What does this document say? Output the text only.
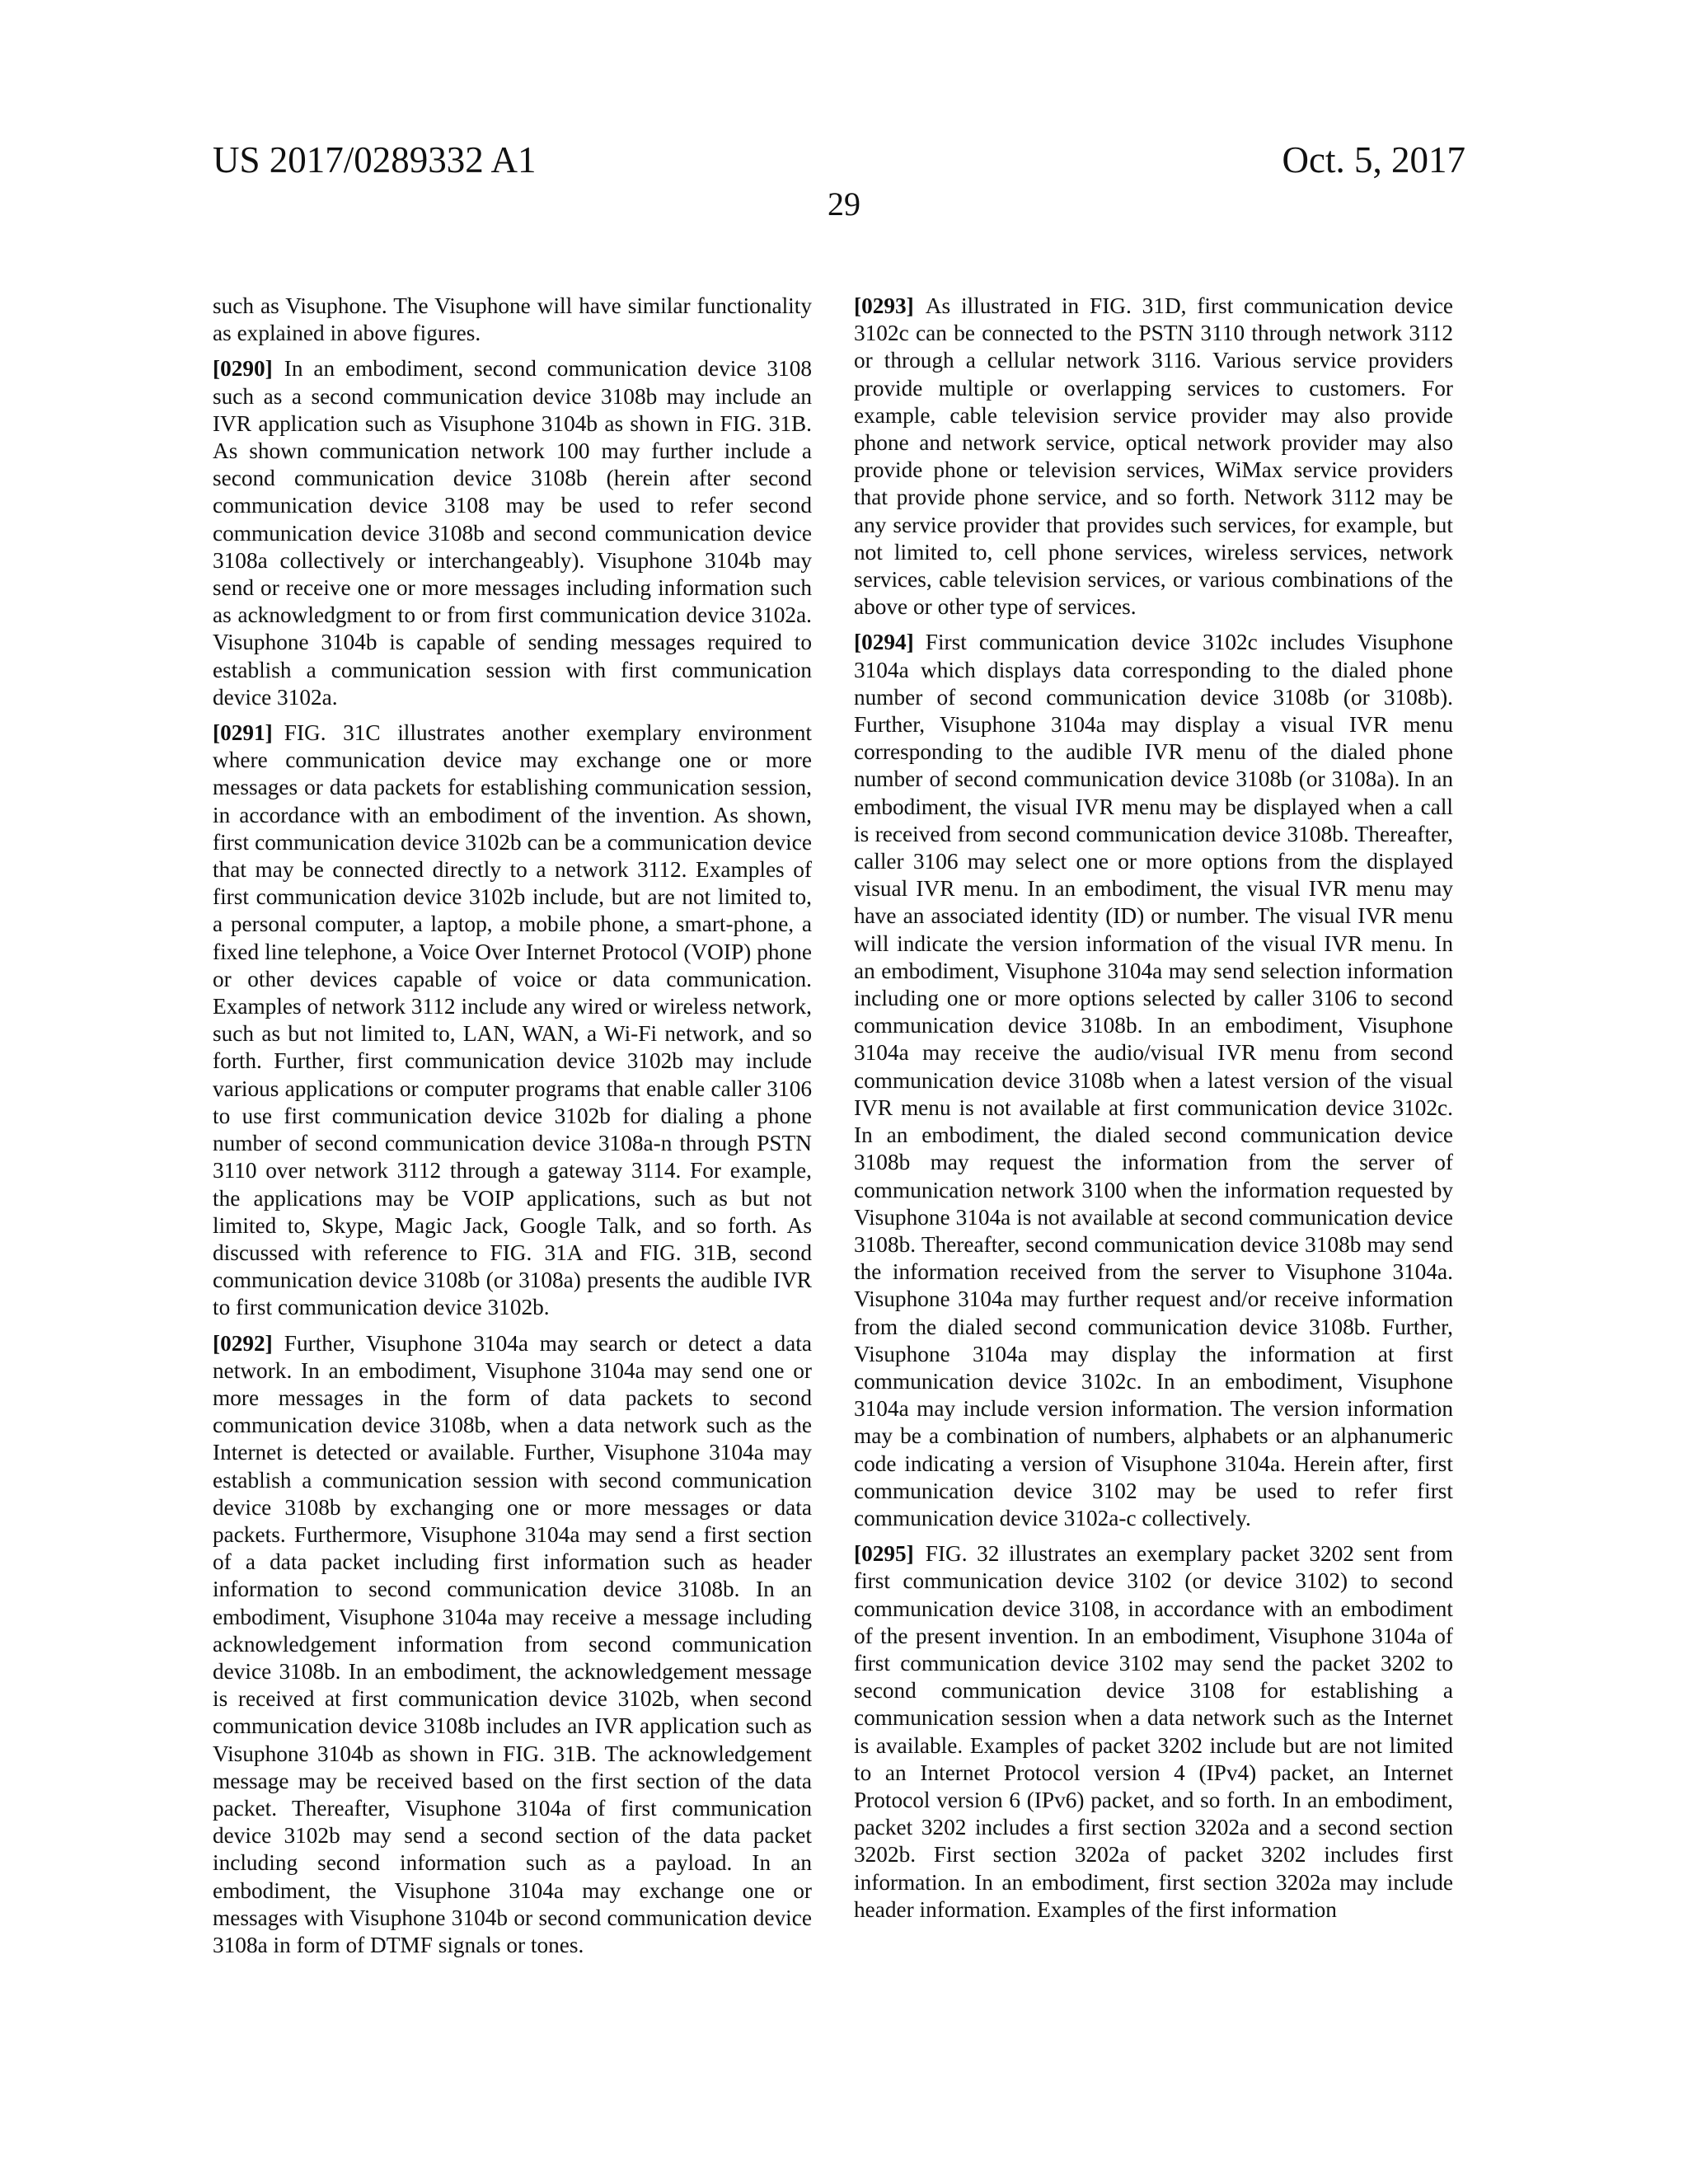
US 2017/0289332 A1	Oct. 5, 2017
29

such as Visuphone. The Visuphone will have similar functionality as explained in above figures.

[0290] In an embodiment, second communication device 3108 such as a second communication device 3108b may include an IVR application such as Visuphone 3104b as shown in FIG. 31B. As shown communication network 100 may further include a second communication device 3108b (herein after second communication device 3108 may be used to refer second communication device 3108b and second communication device 3108a collectively or interchangeably). Visuphone 3104b may send or receive one or more messages including information such as acknowledgment to or from first communication device 3102a. Visuphone 3104b is capable of sending messages required to establish a communication session with first communication device 3102a.

[0291] FIG. 31C illustrates another exemplary environment where communication device may exchange one or more messages or data packets for establishing communication session, in accordance with an embodiment of the invention. As shown, first communication device 3102b can be a communication device that may be connected directly to a network 3112. Examples of first communication device 3102b include, but are not limited to, a personal computer, a laptop, a mobile phone, a smart-phone, a fixed line telephone, a Voice Over Internet Protocol (VOIP) phone or other devices capable of voice or data communication. Examples of network 3112 include any wired or wireless network, such as but not limited to, LAN, WAN, a Wi-Fi network, and so forth. Further, first communication device 3102b may include various applications or computer programs that enable caller 3106 to use first communication device 3102b for dialing a phone number of second communication device 3108a-n through PSTN 3110 over network 3112 through a gateway 3114. For example, the applications may be VOIP applications, such as but not limited to, Skype, Magic Jack, Google Talk, and so forth. As discussed with reference to FIG. 31A and FIG. 31B, second communication device 3108b (or 3108a) presents the audible IVR to first communication device 3102b.

[0292] Further, Visuphone 3104a may search or detect a data network. In an embodiment, Visuphone 3104a may send one or more messages in the form of data packets to second communication device 3108b, when a data network such as the Internet is detected or available. Further, Visuphone 3104a may establish a communication session with second communication device 3108b by exchanging one or more messages or data packets. Furthermore, Visuphone 3104a may send a first section of a data packet including first information such as header information to second communication device 3108b. In an embodiment, Visuphone 3104a may receive a message including acknowledgement information from second communication device 3108b. In an embodiment, the acknowledgement message is received at first communication device 3102b, when second communication device 3108b includes an IVR application such as Visuphone 3104b as shown in FIG. 31B. The acknowledgement message may be received based on the first section of the data packet. Thereafter, Visuphone 3104a of first communication device 3102b may send a second section of the data packet including second information such as a payload. In an embodiment, the Visuphone 3104a may exchange one or messages with Visuphone 3104b or second communication device 3108a in form of DTMF signals or tones.

[0293] As illustrated in FIG. 31D, first communication device 3102c can be connected to the PSTN 3110 through network 3112 or through a cellular network 3116. Various service providers provide multiple or overlapping services to customers. For example, cable television service provider may also provide phone and network service, optical network provider may also provide phone or television services, WiMax service providers that provide phone service, and so forth. Network 3112 may be any service provider that provides such services, for example, but not limited to, cell phone services, wireless services, network services, cable television services, or various combinations of the above or other type of services.

[0294] First communication device 3102c includes Visuphone 3104a which displays data corresponding to the dialed phone number of second communication device 3108b (or 3108b). Further, Visuphone 3104a may display a visual IVR menu corresponding to the audible IVR menu of the dialed phone number of second communication device 3108b (or 3108a). In an embodiment, the visual IVR menu may be displayed when a call is received from second communication device 3108b. Thereafter, caller 3106 may select one or more options from the displayed visual IVR menu. In an embodiment, the visual IVR menu may have an associated identity (ID) or number. The visual IVR menu will indicate the version information of the visual IVR menu. In an embodiment, Visuphone 3104a may send selection information including one or more options selected by caller 3106 to second communication device 3108b. In an embodiment, Visuphone 3104a may receive the audio/visual IVR menu from second communication device 3108b when a latest version of the visual IVR menu is not available at first communication device 3102c. In an embodiment, the dialed second communication device 3108b may request the information from the server of communication network 3100 when the information requested by Visuphone 3104a is not available at second communication device 3108b. Thereafter, second communication device 3108b may send the information received from the server to Visuphone 3104a. Visuphone 3104a may further request and/or receive information from the dialed second communication device 3108b. Further, Visuphone 3104a may display the information at first communication device 3102c. In an embodiment, Visuphone 3104a may include version information. The version information may be a combination of numbers, alphabets or an alphanumeric code indicating a version of Visuphone 3104a. Herein after, first communication device 3102 may be used to refer first communication device 3102a-c collectively.

[0295] FIG. 32 illustrates an exemplary packet 3202 sent from first communication device 3102 (or device 3102) to second communication device 3108, in accordance with an embodiment of the present invention. In an embodiment, Visuphone 3104a of first communication device 3102 may send the packet 3202 to second communication device 3108 for establishing a communication session when a data network such as the Internet is available. Examples of packet 3202 include but are not limited to an Internet Protocol version 4 (IPv4) packet, an Internet Protocol version 6 (IPv6) packet, and so forth. In an embodiment, packet 3202 includes a first section 3202a and a second section 3202b. First section 3202a of packet 3202 includes first information. In an embodiment, first section 3202a may include header information. Examples of the first information
